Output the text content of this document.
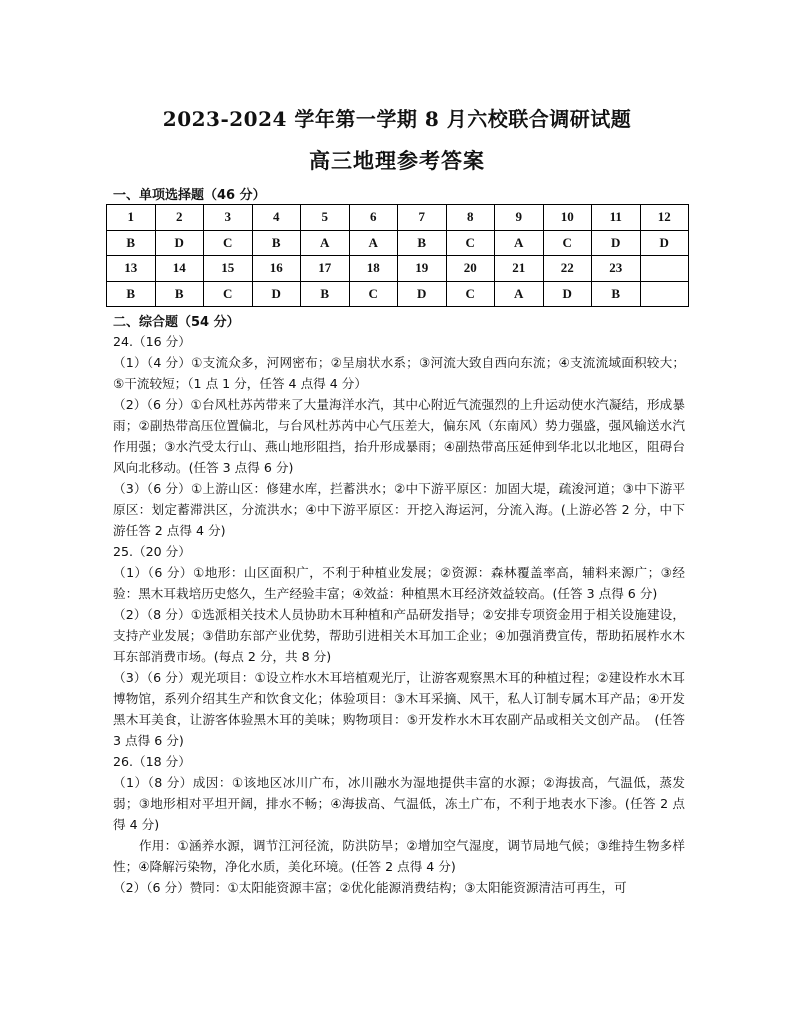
2023-2024 学年第一学期 8 月六校联合调研试题
高三地理参考答案
一、单项选择题（46 分）
1	2	3	4	5	6	7	8	9	10	11	12
B	D	C	B	A	A	B	C	A	C	D	D
13	14	15	16	17	18	19	20	21	22	23	
B	B	C	D	B	C	D	C	A	D	B	
二、综合题（54 分）

24.（16 分）

（1）（4 分）①支流众多，河网密布；②呈扇状水系；③河流大致自西向东流；④支流流域面积较大；⑤干流较短；（1 点 1 分，任答 4 点得 4 分）

（2）（6 分）①台风杜苏芮带来了大量海洋水汽，其中心附近气流强烈的上升运动使水汽凝结，形成暴雨；②副热带高压位置偏北，与台风杜苏芮中心气压差大，偏东风（东南风）势力强盛，强风输送水汽作用强；③水汽受太行山、燕山地形阻挡，抬升形成暴雨；④副热带高压延伸到华北以北地区，阻碍台风向北移动。(任答 3 点得 6 分)

（3）（6 分）①上游山区：修建水库，拦蓄洪水；②中下游平原区：加固大堤，疏浚河道；③中下游平原区：划定蓄滞洪区，分流洪水；④中下游平原区：开挖入海运河，分流入海。(上游必答 2 分，中下游任答 2 点得 4 分)

25.（20 分）

（1）（6 分）①地形：山区面积广，不利于种植业发展；②资源：森林覆盖率高，辅料来源广；③经验：黑木耳栽培历史悠久，生产经验丰富；④效益：种植黑木耳经济效益较高。(任答 3 点得 6 分)

（2）（8 分）①选派相关技术人员协助木耳种植和产品研发指导；②安排专项资金用于相关设施建设，支持产业发展；③借助东部产业优势，帮助引进相关木耳加工企业；④加强消费宣传，帮助拓展柞水木耳东部消费市场。(每点 2 分，共 8 分)

（3）（6 分）观光项目：①设立柞水木耳培植观光厅，让游客观察黑木耳的种植过程；②建设柞水木耳博物馆，系列介绍其生产和饮食文化；体验项目：③木耳采摘、风干，私人订制专属木耳产品；④开发黑木耳美食，让游客体验黑木耳的美味；购物项目：⑤开发柞水木耳农副产品或相关文创产品。　(任答 3 点得 6 分)

26.（18 分）

（1）（8 分）成因：①该地区冰川广布，冰川融水为湿地提供丰富的水源；②海拔高，气温低，蒸发弱；③地形相对平坦开阔，排水不畅；④海拔高、气温低，冻土广布，不利于地表水下渗。(任答 2 点得 4 分)

作用：①涵养水源，调节江河径流，防洪防旱；②增加空气湿度，调节局地气候；③维持生物多样性；④降解污染物，净化水质，美化环境。(任答 2 点得 4 分)

（2）（6 分）赞同：①太阳能资源丰富；②优化能源消费结构；③太阳能资源清洁可再生，可
